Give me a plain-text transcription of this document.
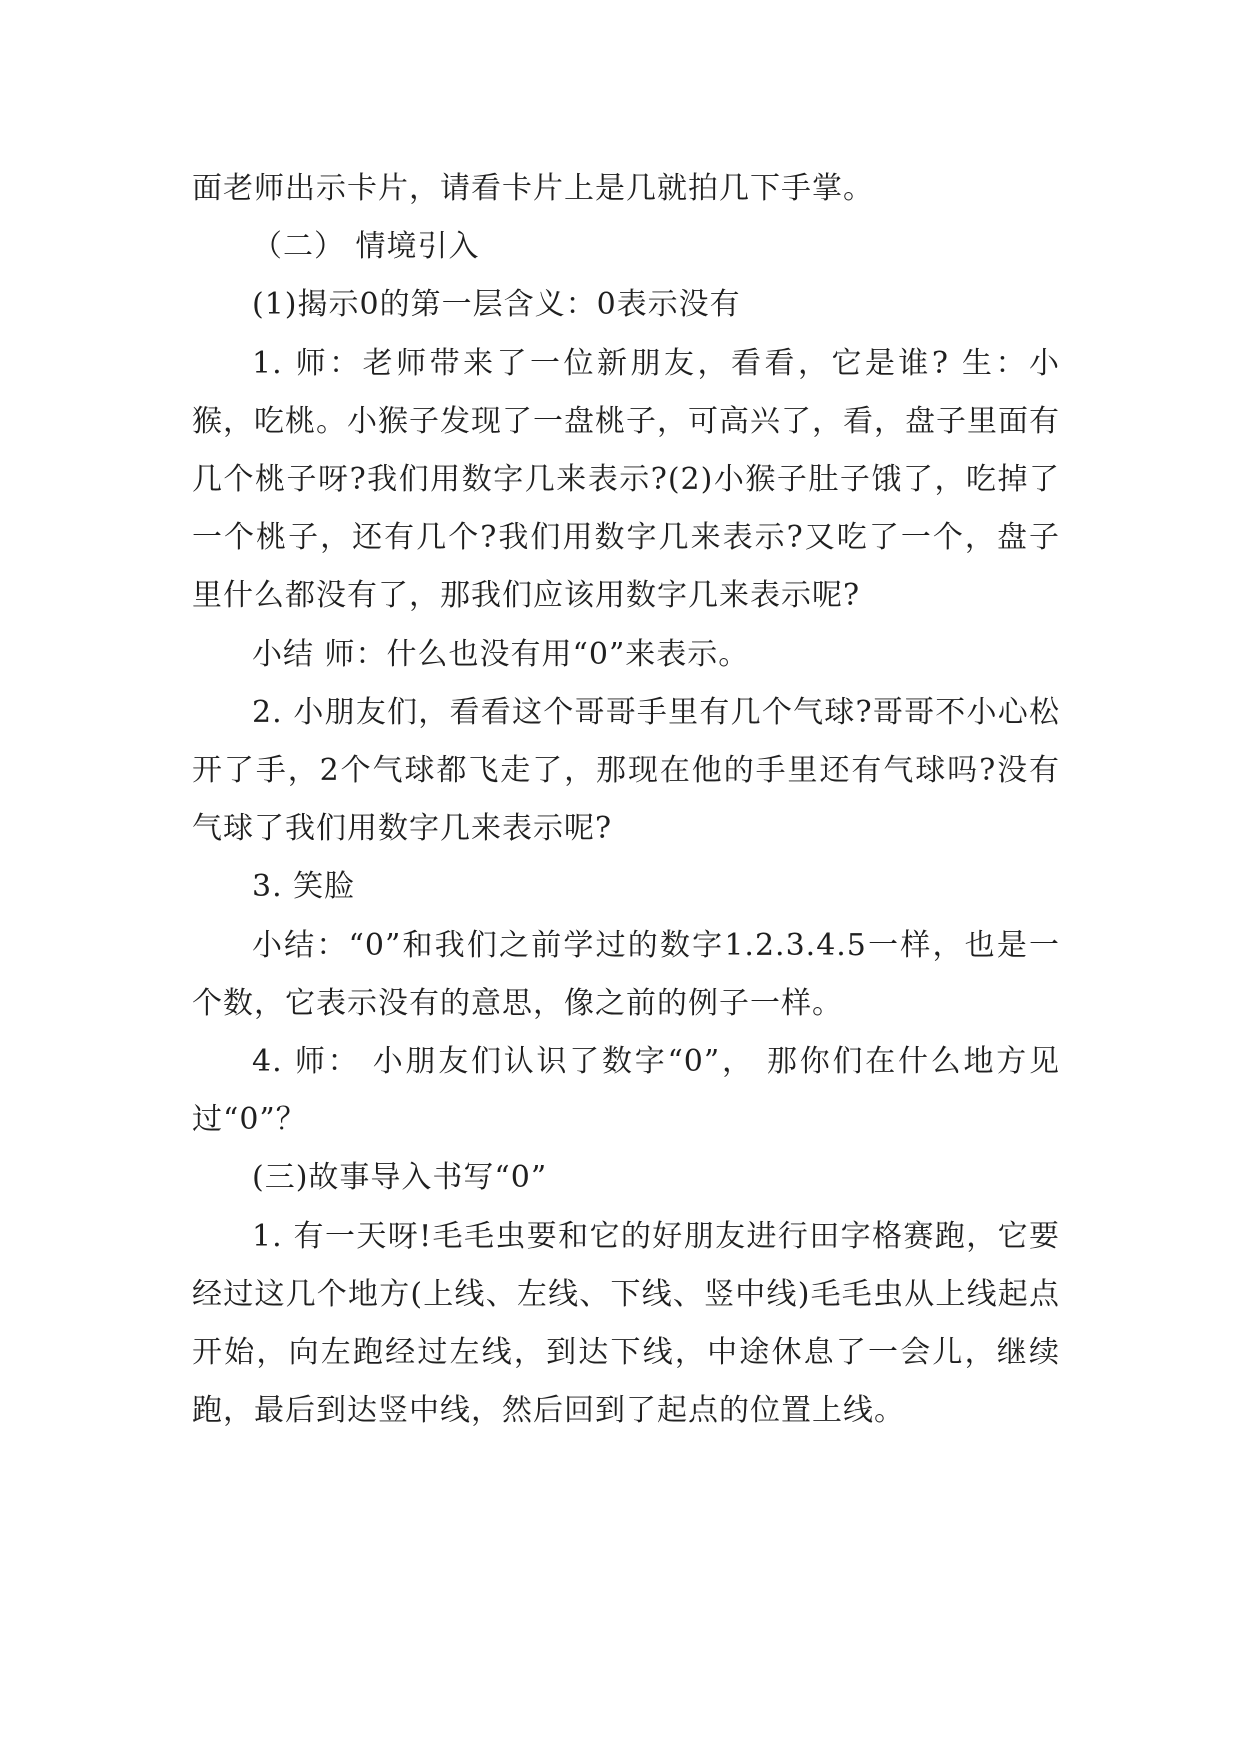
面老师出示卡片，请看卡片上是几就拍几下手掌。

（二） 情境引入

(1)揭示0的第一层含义：0表示没有

1. 师：老师带来了一位新朋友，看看，它是谁? 生：小猴，吃桃。小猴子发现了一盘桃子，可高兴了，看，盘子里面有几个桃子呀?我们用数字几来表示?(2)小猴子肚子饿了，吃掉了一个桃子，还有几个?我们用数字几来表示?又吃了一个，盘子里什么都没有了，那我们应该用数字几来表示呢?

小结 师：什么也没有用“0”来表示。

2. 小朋友们，看看这个哥哥手里有几个气球?哥哥不小心松开了手，2个气球都飞走了，那现在他的手里还有气球吗?没有气球了我们用数字几来表示呢?

3. 笑脸

小结：“0”和我们之前学过的数字1.2.3.4.5一样，也是一个数，它表示没有的意思，像之前的例子一样。

4. 师： 小朋友们认识了数字“0”， 那你们在什么地方见过“0”？

(三)故事导入书写“0”

1. 有一天呀!毛毛虫要和它的好朋友进行田字格赛跑，它要经过这几个地方(上线、左线、下线、竖中线)毛毛虫从上线起点开始，向左跑经过左线，到达下线，中途休息了一会儿，继续跑，最后到达竖中线，然后回到了起点的位置上线。
